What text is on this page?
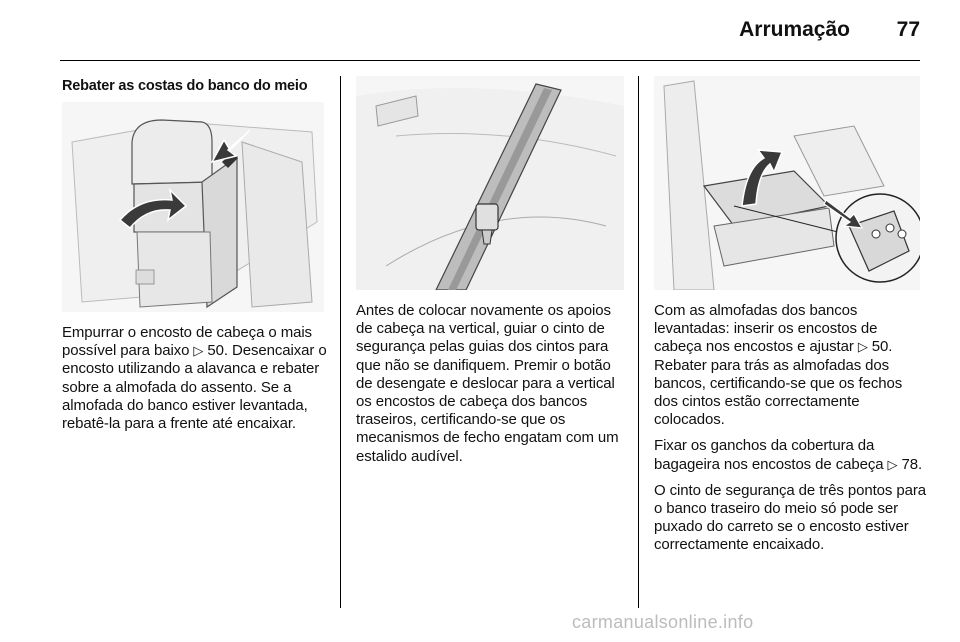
Arrumação	77
Rebater as costas do banco do meio

Empurrar o encosto de cabeça o mais possível para baixo ▷ 50. Desencaixar o encosto utilizando a alavanca e rebater sobre a almofada do assento. Se a almofada do banco estiver levantada, rebatê-la para a frente até encaixar.

Antes de colocar novamente os apoios de cabeça na vertical, guiar o cinto de segurança pelas guias dos cintos para que não se danifiquem. Premir o botão de desengate e deslocar para a vertical os encostos de cabeça dos bancos traseiros, certificando-se que os mecanismos de fecho engatam com um estalido audível.

Com as almofadas dos bancos levantadas: inserir os encostos de cabeça nos encostos e ajustar ▷ 50. Rebater para trás as almofadas dos bancos, certificando-se que os fechos dos cintos estão correctamente colocados.

Fixar os ganchos da cobertura da bagageira nos encostos de cabeça ▷ 78.

O cinto de segurança de três pontos para o banco traseiro do meio só pode ser puxado do carreto se o encosto estiver correctamente encaixado.

carmanualsonline.info
